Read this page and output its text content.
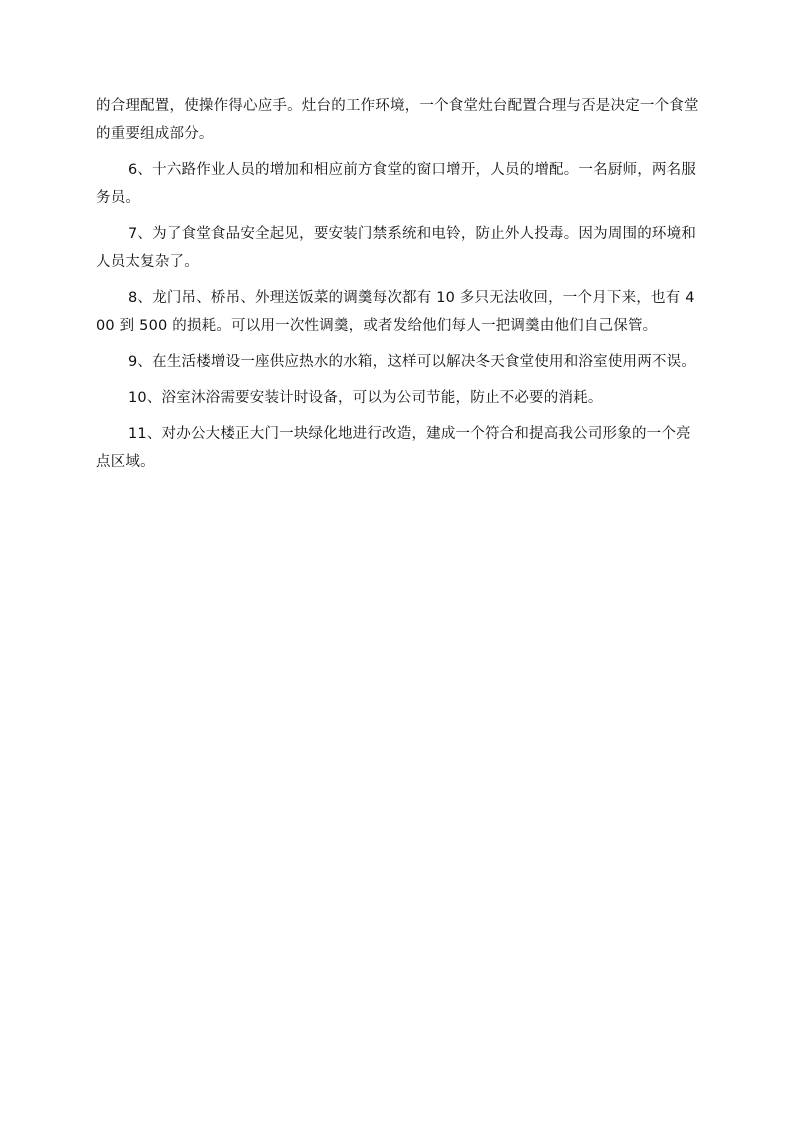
的合理配置，使操作得心应手。灶台的工作环境，一个食堂灶台配置合理与否是决定一个食堂的重要组成部分。

6、十六路作业人员的增加和相应前方食堂的窗口增开，人员的增配。一名厨师，两名服务员。

7、为了食堂食品安全起见，要安装门禁系统和电铃，防止外人投毒。因为周围的环境和人员太复杂了。

8、龙门吊、桥吊、外理送饭菜的调羹每次都有 10 多只无法收回，一个月下来，也有 400 到 500 的损耗。可以用一次性调羹，或者发给他们每人一把调羹由他们自己保管。

9、在生活楼增设一座供应热水的水箱，这样可以解决冬天食堂使用和浴室使用两不误。

10、浴室沐浴需要安装计时设备，可以为公司节能，防止不必要的消耗。

11、对办公大楼正大门一块绿化地进行改造，建成一个符合和提高我公司形象的一个亮点区域。
